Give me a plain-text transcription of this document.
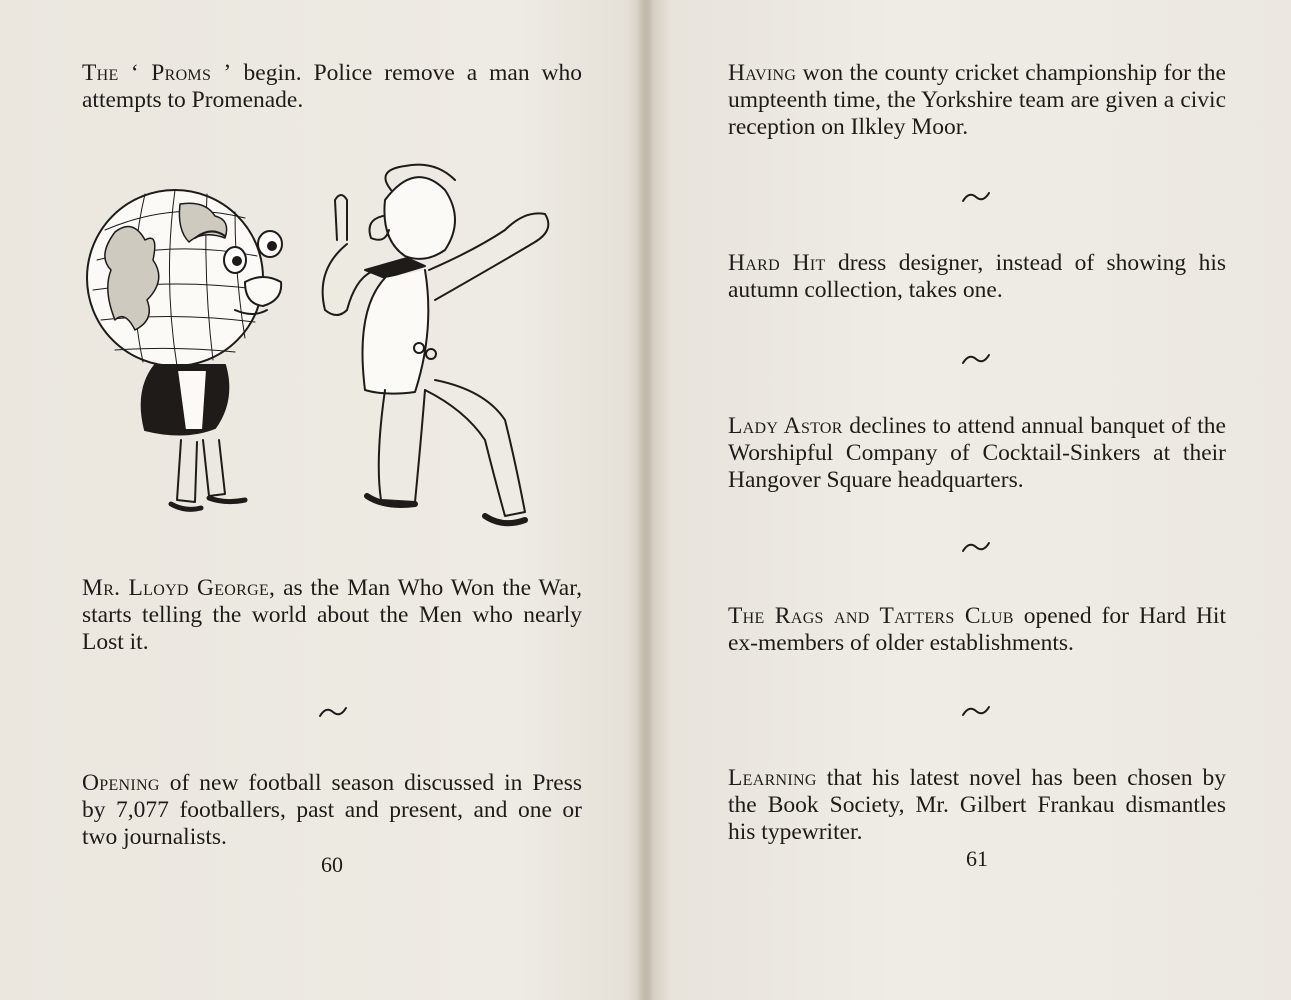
The ‘ Proms ’ begin. Police remove a man who attempts to Promenade.

Mr. Lloyd George, as the Man Who Won the War, starts telling the world about the Men who nearly Lost it.

Opening of new football season discussed in Press by 7,077 footballers, past and present, and one or two journalists.

60

Having won the county cricket championship for the umpteenth time, the Yorkshire team are given a civic reception on Ilkley Moor.

Hard Hit dress designer, instead of showing his autumn collection, takes one.

Lady Astor declines to attend annual banquet of the Worshipful Company of Cocktail-Sinkers at their Hangover Square headquarters.

The Rags and Tatters Club opened for Hard Hit ex-members of older establishments.

Learning that his latest novel has been chosen by the Book Society, Mr. Gilbert Frankau dismantles his typewriter.

61
